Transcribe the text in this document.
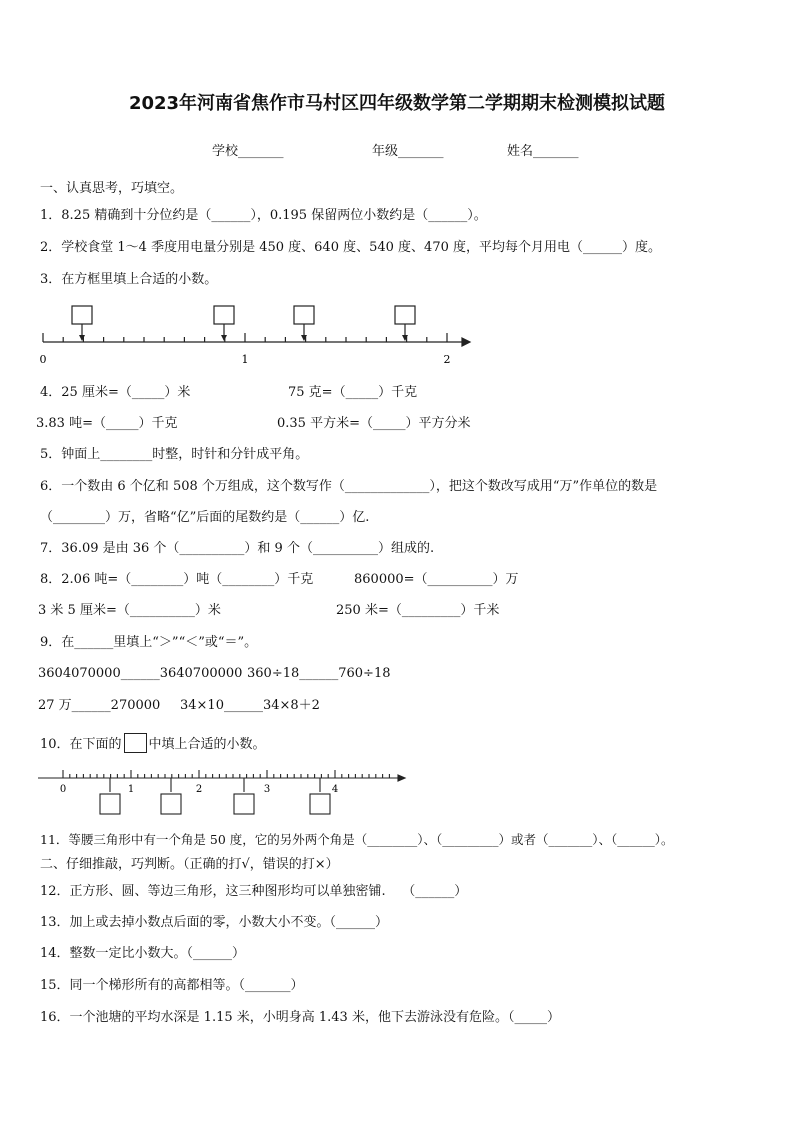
2023年河南省焦作市马村区四年级数学第二学期期末检测模拟试题
学校_______	年级_______	姓名_______
一、认真思考，巧填空。
1．8.25 精确到十分位约是（______），0.195 保留两位小数约是（______）。
2．学校食堂 1～4 季度用电量分别是 450 度、640 度、540 度、470 度，平均每个月用电（______）度。
3．在方框里填上合适的小数。
0	1	2
4．25 厘米=（_____）米	75 克=（_____）千克
3.83 吨=（_____）千克	0.35 平方米=（_____）平方分米
5．钟面上________时整，时针和分针成平角。
6．一个数由 6 个亿和 508 个万组成，这个数写作（_____________），把这个数改写成用“万”作单位的数是
（________）万，省略“亿”后面的尾数约是（______）亿.
7．36.09 是由 36 个（__________）和 9 个（__________）组成的.
8．2.06 吨=（________）吨（________）千克	860000=（__________）万
3 米 5 厘米=（__________）米	250 米=（_________）千米
9．在______里填上“＞”“＜”或“＝”。
3604070000______3640700000 360÷18______760÷18
27 万______270000 34×10______34×8＋2
10．在下面的 中填上合适的小数。
0	1	2	3	4
11．等腰三角形中有一个角是 50 度，它的另外两个角是（________）、（_________）或者（_______）、（______）。
二、仔细推敲，巧判断。（正确的打√，错误的打×）
12．正方形、圆、等边三角形，这三种图形均可以单独密铺.    （______）
13．加上或去掉小数点后面的零，小数大小不变。（______）
14．整数一定比小数大。（______）
15．同一个梯形所有的高都相等。（_______）
16．一个池塘的平均水深是 1.15 米，小明身高 1.43 米，他下去游泳没有危险。（_____）
